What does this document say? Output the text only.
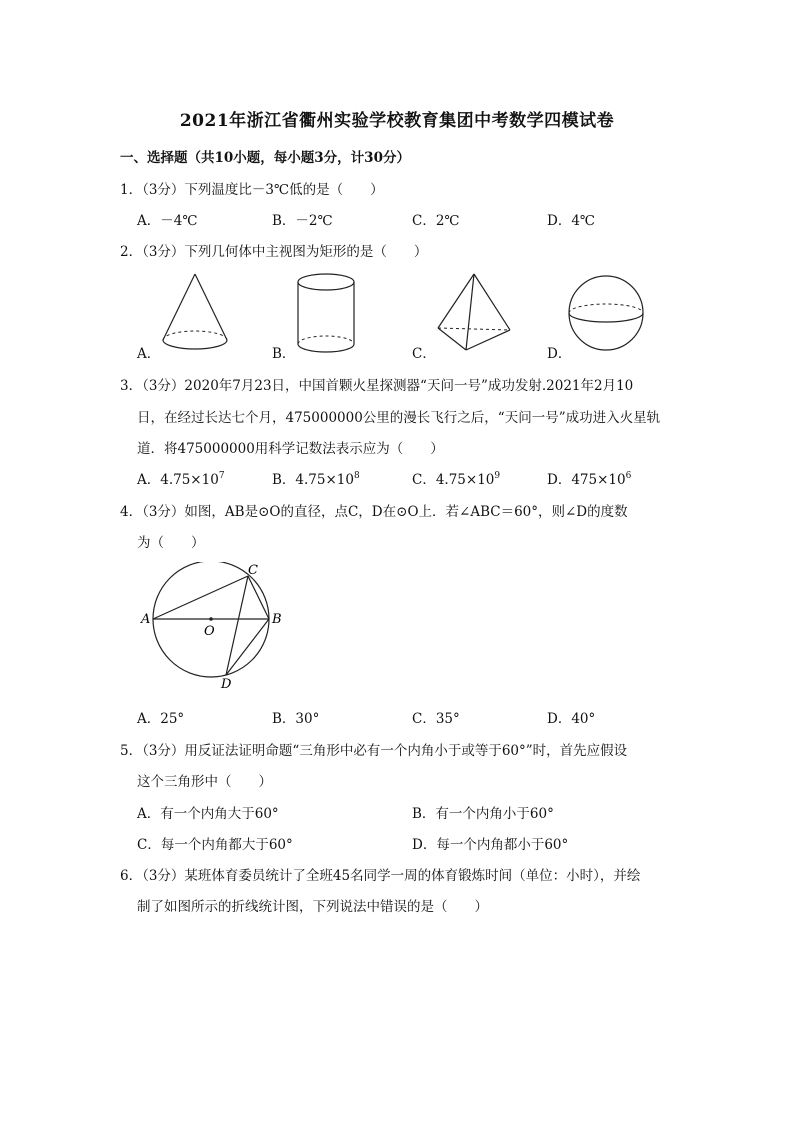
2021年浙江省衢州实验学校教育集团中考数学四模试卷
一、选择题（共10小题，每小题3分，计30分）
1．（3分）下列温度比－3℃低的是（　　）
A．－4℃	B．－2℃	C．2℃	D．4℃
2．（3分）下列几何体中主视图为矩形的是（　　）
A．	B．	C．	D．
3．（3分）2020年7月23日，中国首颗火星探测器“天问一号”成功发射.2021年2月10
日，在经过长达七个月，475000000公里的漫长飞行之后，“天问一号”成功进入火星轨
道．将475000000用科学记数法表示应为（　　）
A．$4.75\times 10^7$	B．$4.75\times 10^8$	C．$4.75\times 10^9$	D．$475\times 10^6$
4．（3分）如图，AB是⊙O的直径，点C，D在⊙O上．若∠ABC＝60°，则∠D的度数
为（　　）
A	B
C
D
O
A．25°	B．30°	C．35°	D．40°
5．（3分）用反证法证明命题“三角形中必有一个内角小于或等于60°”时，首先应假设
这个三角形中（　　）
A．有一个内角大于60°	B．有一个内角小于60°
C．每一个内角都大于60°	D．每一个内角都小于60°
6．（3分）某班体育委员统计了全班45名同学一周的体育锻炼时间（单位：小时），并绘
制了如图所示的折线统计图，下列说法中错误的是（　　）
